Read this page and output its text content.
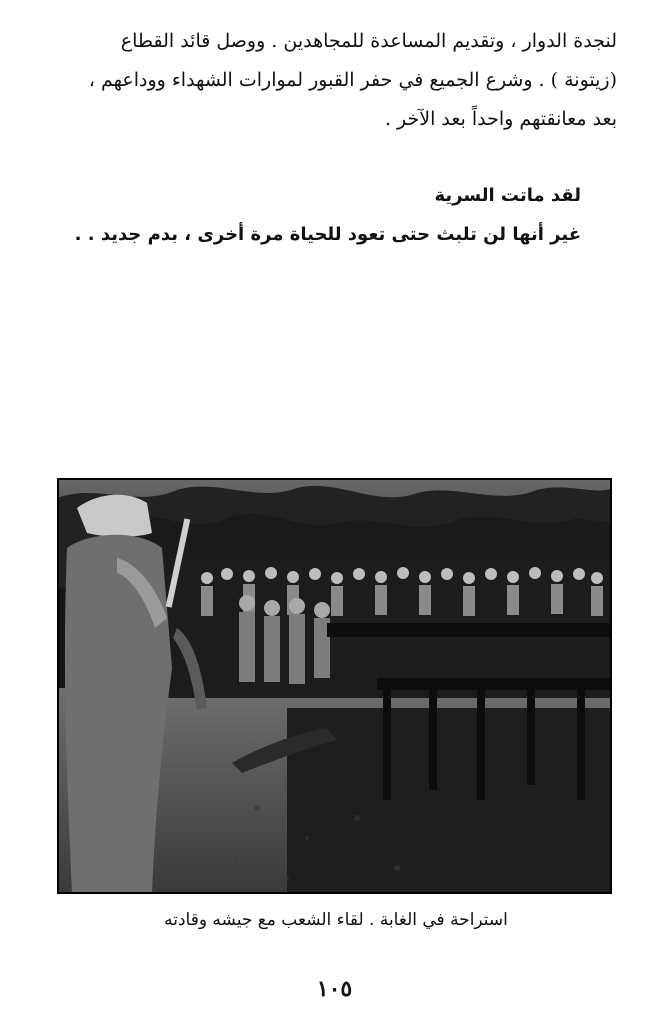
لنجدة الدوار ، وتقديم المساعدة للمجاهدين . ووصل قائد القطاع
(زيتونة ) . وشرع الجميع في حفر القبور لموارات الشهداء ووداعهم ،
بعد معانقتهم واحداً بعد الآخر .
لقد ماتت السرية
غير أنها لن تلبث حتى تعود للحياة مرة أخرى ، بدم جديد . .
استراحة في الغابة . لقاء الشعب مع جيشه وقادته
١٠٥
